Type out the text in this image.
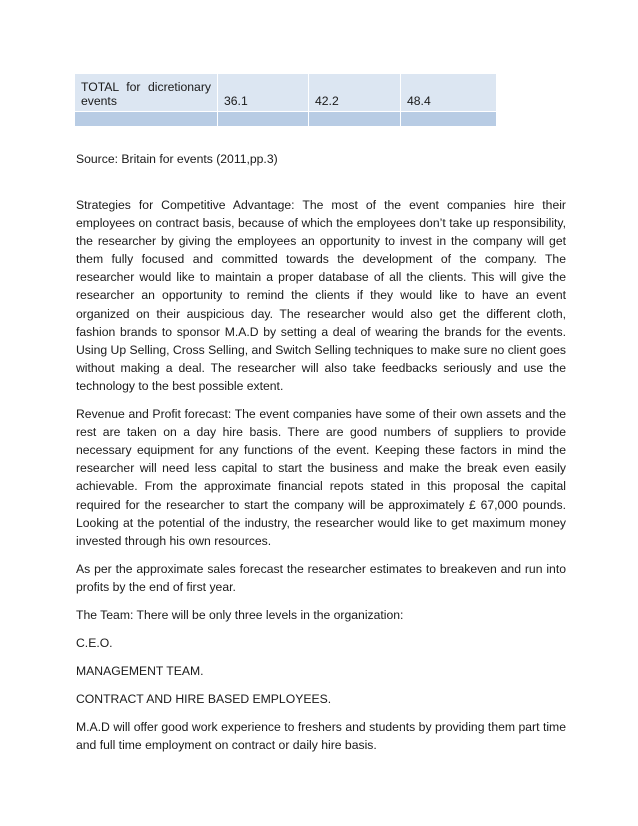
TOTAL for dicretionary events	36.1	42.2	48.4

Source: Britain for events (2011,pp.3)

Strategies for Competitive Advantage: The most of the event companies hire their employees on contract basis, because of which the employees don’t take up responsibility, the researcher by giving the employees an opportunity to invest in the company will get them fully focused and committed towards the development of the company. The researcher would like to maintain a proper database of all the clients. This will give the researcher an opportunity to remind the clients if they would like to have an event organized on their auspicious day. The researcher would also get the different cloth, fashion brands to sponsor M.A.D by setting a deal of wearing the brands for the events. Using Up Selling, Cross Selling, and Switch Selling techniques to make sure no client goes without making a deal. The researcher will also take feedbacks seriously and use the technology to the best possible extent.

Revenue and Profit forecast: The event companies have some of their own assets and the rest are taken on a day hire basis. There are good numbers of suppliers to provide necessary equipment for any functions of the event. Keeping these factors in mind the researcher will need less capital to start the business and make the break even easily achievable. From the approximate financial repots stated in this proposal the capital required for the researcher to start the company will be approximately £ 67,000 pounds. Looking at the potential of the industry, the researcher would like to get maximum money invested through his own resources.

As per the approximate sales forecast the researcher estimates to breakeven and run into profits by the end of first year.

The Team: There will be only three levels in the organization:

C.E.O.

MANAGEMENT TEAM.

CONTRACT AND HIRE BASED EMPLOYEES.

M.A.D will offer good work experience to freshers and students by providing them part time and full time employment on contract or daily hire basis.
